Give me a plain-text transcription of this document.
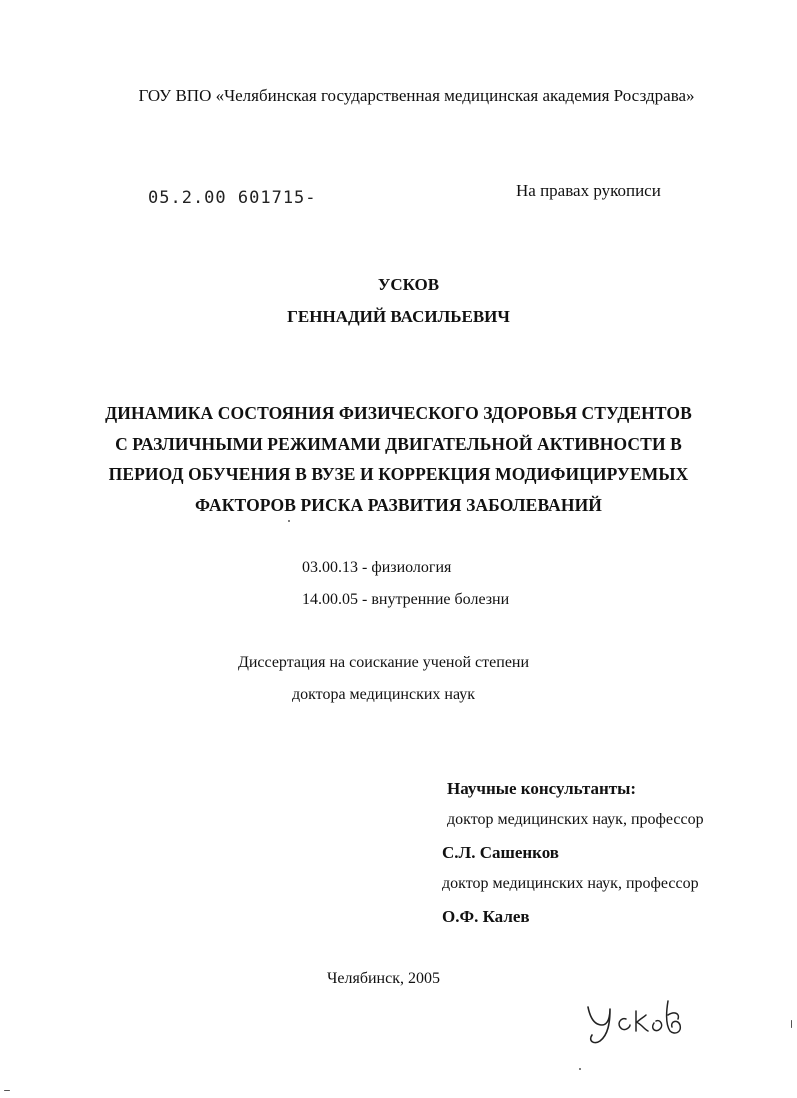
ГОУ ВПО «Челябинская государственная медицинская академия Росздрава»
05.2.00 601715-	На правах рукописи
УСКОВ
ГЕННАДИЙ ВАСИЛЬЕВИЧ
ДИНАМИКА СОСТОЯНИЯ ФИЗИЧЕСКОГО ЗДОРОВЬЯ СТУДЕНТОВ
С РАЗЛИЧНЫМИ РЕЖИМАМИ ДВИГАТЕЛЬНОЙ АКТИВНОСТИ В
ПЕРИОД ОБУЧЕНИЯ В ВУЗЕ И КОРРЕКЦИЯ МОДИФИЦИРУЕМЫХ
ФАКТОРОВ РИСКА РАЗВИТИЯ ЗАБОЛЕВАНИЙ
03.00.13 - физиология
14.00.05 - внутренние болезни
Диссертация на соискание ученой степени
доктора медицинских наук
Научные консультанты:
доктор медицинских наук, профессор
С.Л. Сашенков
доктор медицинских наук, профессор
О.Ф. Калев
Челябинск, 2005
